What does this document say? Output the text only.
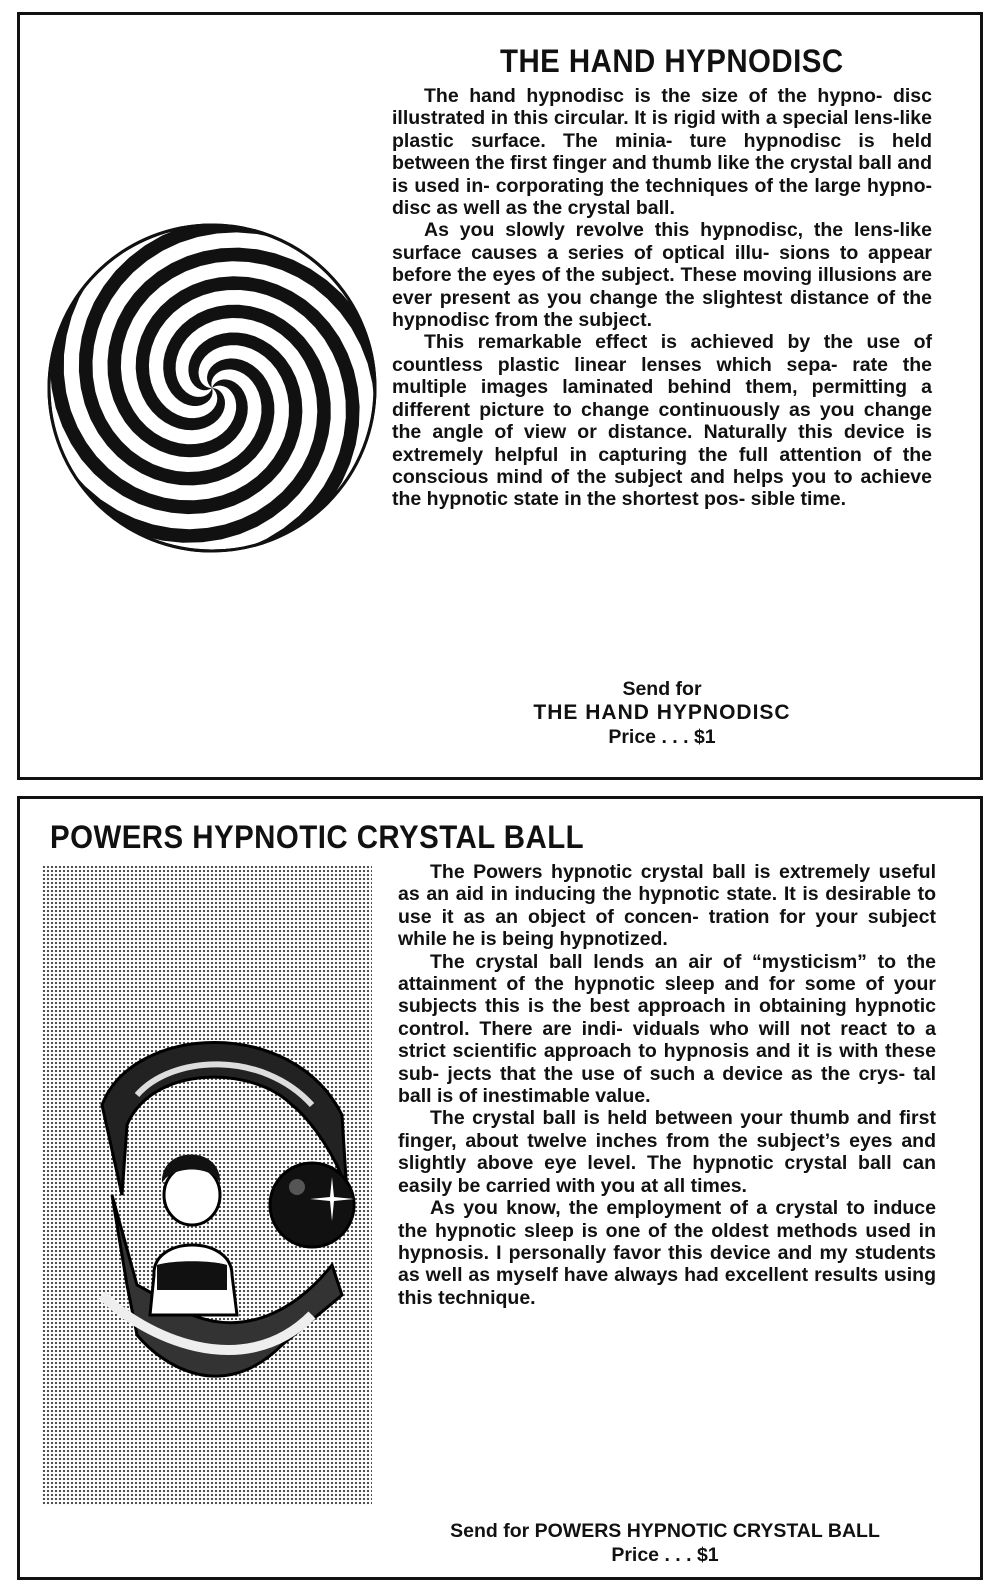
THE HAND HYPNODISC

The hand hypnodisc is the size of the hypno- disc illustrated in this circular. It is rigid with a special lens-like plastic surface. The minia- ture hypnodisc is held between the first finger and thumb like the crystal ball and is used in- corporating the techniques of the large hypno- disc as well as the crystal ball.

As you slowly revolve this hypnodisc, the lens-like surface causes a series of optical illu- sions to appear before the eyes of the subject. These moving illusions are ever present as you change the slightest distance of the hypnodisc from the subject.

This remarkable effect is achieved by the use of countless plastic linear lenses which sepa- rate the multiple images laminated behind them, permitting a different picture to change continuously as you change the angle of view or distance. Naturally this device is extremely helpful in capturing the full attention of the conscious mind of the subject and helps you to achieve the hypnotic state in the shortest pos- sible time.

Send for
THE HAND HYPNODISC
Price . . . $1
POWERS HYPNOTIC CRYSTAL BALL

The Powers hypnotic crystal ball is extremely useful as an aid in inducing the hypnotic state. It is desirable to use it as an object of concen- tration for your subject while he is being hypnotized.

The crystal ball lends an air of “mysticism” to the attainment of the hypnotic sleep and for some of your subjects this is the best approach in obtaining hypnotic control. There are indi- viduals who will not react to a strict scientific approach to hypnosis and it is with these sub- jects that the use of such a device as the crys- tal ball is of inestimable value.

The crystal ball is held between your thumb and first finger, about twelve inches from the subject’s eyes and slightly above eye level. The hypnotic crystal ball can easily be carried with you at all times.

As you know, the employment of a crystal to induce the hypnotic sleep is one of the oldest methods used in hypnosis. I personally favor this device and my students as well as myself have always had excellent results using this technique.

Send for POWERS HYPNOTIC CRYSTAL BALL
Price . . . $1
